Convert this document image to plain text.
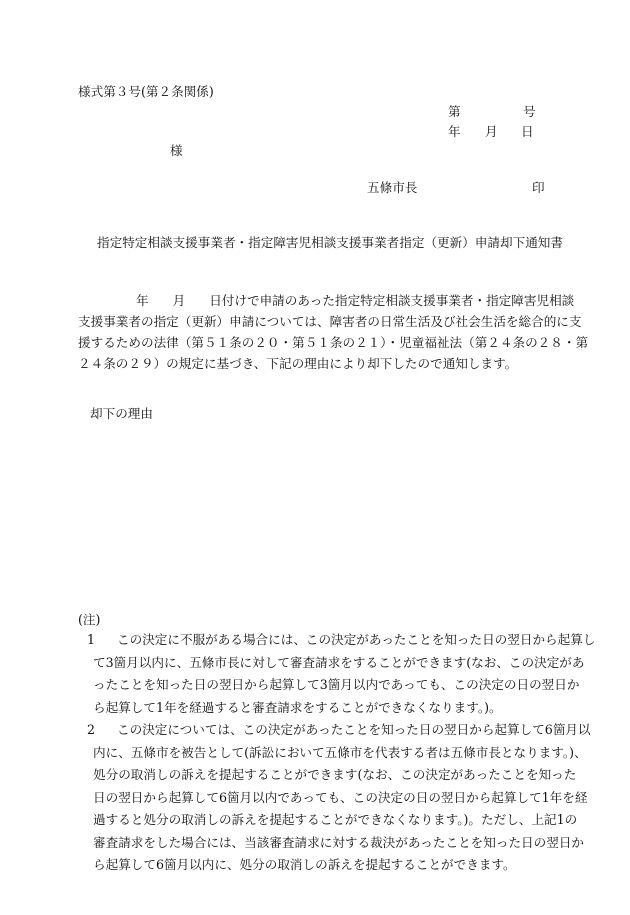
様式第３号(第２条関係)
第	号
年 月 日
様
五條市長	印
指定特定相談支援事業者・指定障害児相談支援事業者指定（更新）申請却下通知書
年 月 日付けで申請のあった指定特定相談支援事業者・指定障害児相談
支援事業者の指定（更新）申請については、障害者の日常生活及び社会生活を総合的に支
援するための法律（第５１条の２０・第５１条の２１）・児童福祉法（第２４条の２８・第
２４条の２９）の規定に基づき、下記の理由により却下したので通知します。
却下の理由
(注)
1	この決定に不服がある場合には、この決定があったことを知った日の翌日から起算し
て3箇月以内に、五條市長に対して審査請求をすることができます(なお、この決定があ
ったことを知った日の翌日から起算して3箇月以内であっても、この決定の日の翌日か
ら起算して1年を経過すると審査請求をすることができなくなります。)。
2	この決定については、この決定があったことを知った日の翌日から起算して6箇月以
内に、五條市を被告として(訴訟において五條市を代表する者は五條市長となります。)、
処分の取消しの訴えを提起することができます(なお、この決定があったことを知った
日の翌日から起算して6箇月以内であっても、この決定の日の翌日から起算して1年を経
過すると処分の取消しの訴えを提起することができなくなります。)。ただし、上記1の
審査請求をした場合には、当該審査請求に対する裁決があったことを知った日の翌日か
ら起算して6箇月以内に、処分の取消しの訴えを提起することができます。
